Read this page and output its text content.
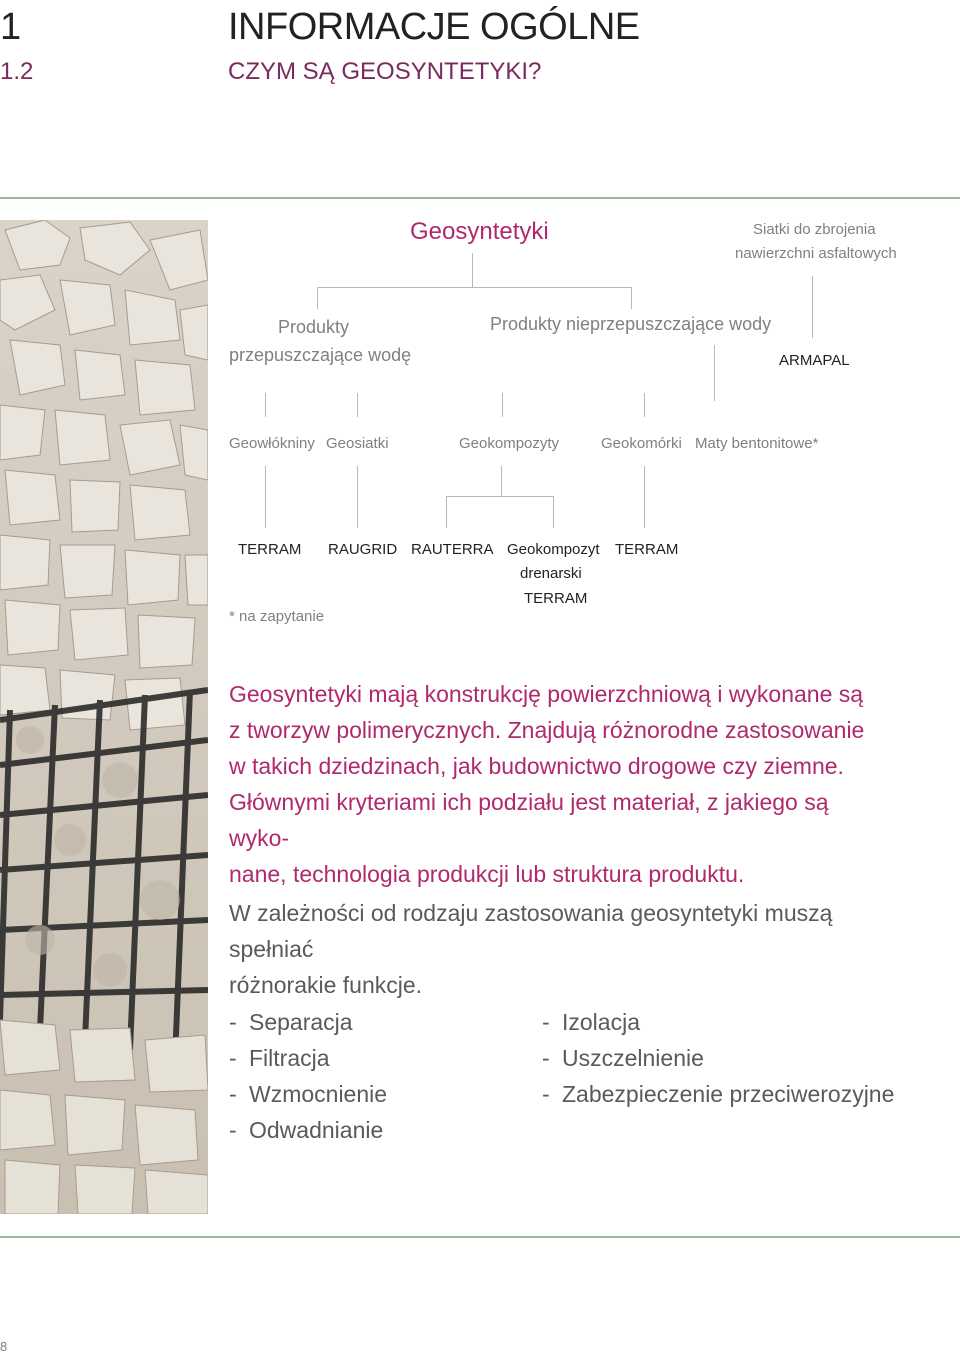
1
1.2
INFORMACJE OGÓLNE
CZYM SĄ GEOSYNTETYKI?
Geosyntetyki	Siatki do zbrojenia
nawierzchni asfaltowych
Produkty
przepuszczające wodę
Produkty nieprzepuszczające wody
ARMAPAL
Geowłókniny Geosiatki	Geokompozyty	Geokomórki Maty bentonitowe*
TERRAM RAUGRID RAUTERRA Geokompozyt
drenarski
TERRAM
TERRAM
* na zapytanie
Geosyntetyki mają konstrukcję powierzchniową i wykonane są
z tworzyw polimerycznych. Znajdują różnorodne zastosowanie
w takich dziedzinach, jak budownictwo drogowe czy ziemne.
Głównymi kryteriami ich podziału jest materiał, z jakiego są wyko-
nane, technologia produkcji lub struktura produktu.
W zależności od rodzaju zastosowania geosyntetyki muszą spełniać
różnorakie funkcje.
- Separacja
- Filtracja
- Wzmocnienie
- Odwadnianie
- Izolacja
- Uszczelnienie
- Zabezpieczenie przeciwerozyjne
8
